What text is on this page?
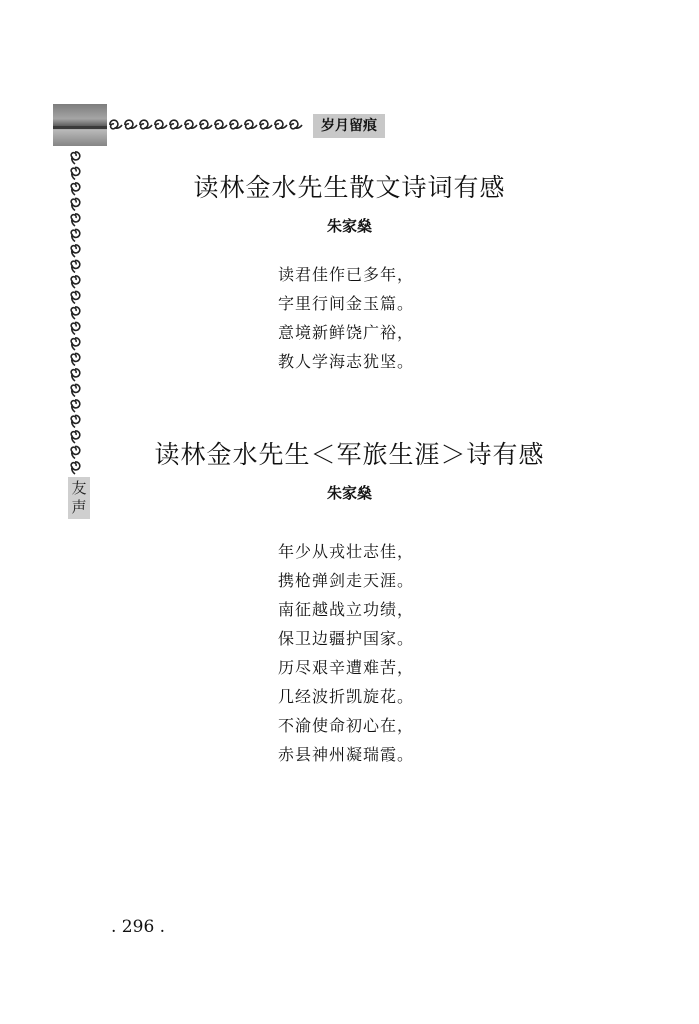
岁月留痕
友
声
读林金水先生散文诗词有感
朱家燊
读君佳作已多年，
字里行间金玉篇。
意境新鲜饶广裕，
教人学海志犹坚。
读林金水先生＜军旅生涯＞诗有感
朱家燊
年少从戎壮志佳，
携枪弹剑走天涯。
南征越战立功绩，
保卫边疆护国家。
历尽艰辛遭难苦，
几经波折凯旋花。
不渝使命初心在，
赤县神州凝瑞霞。
. 296 .
